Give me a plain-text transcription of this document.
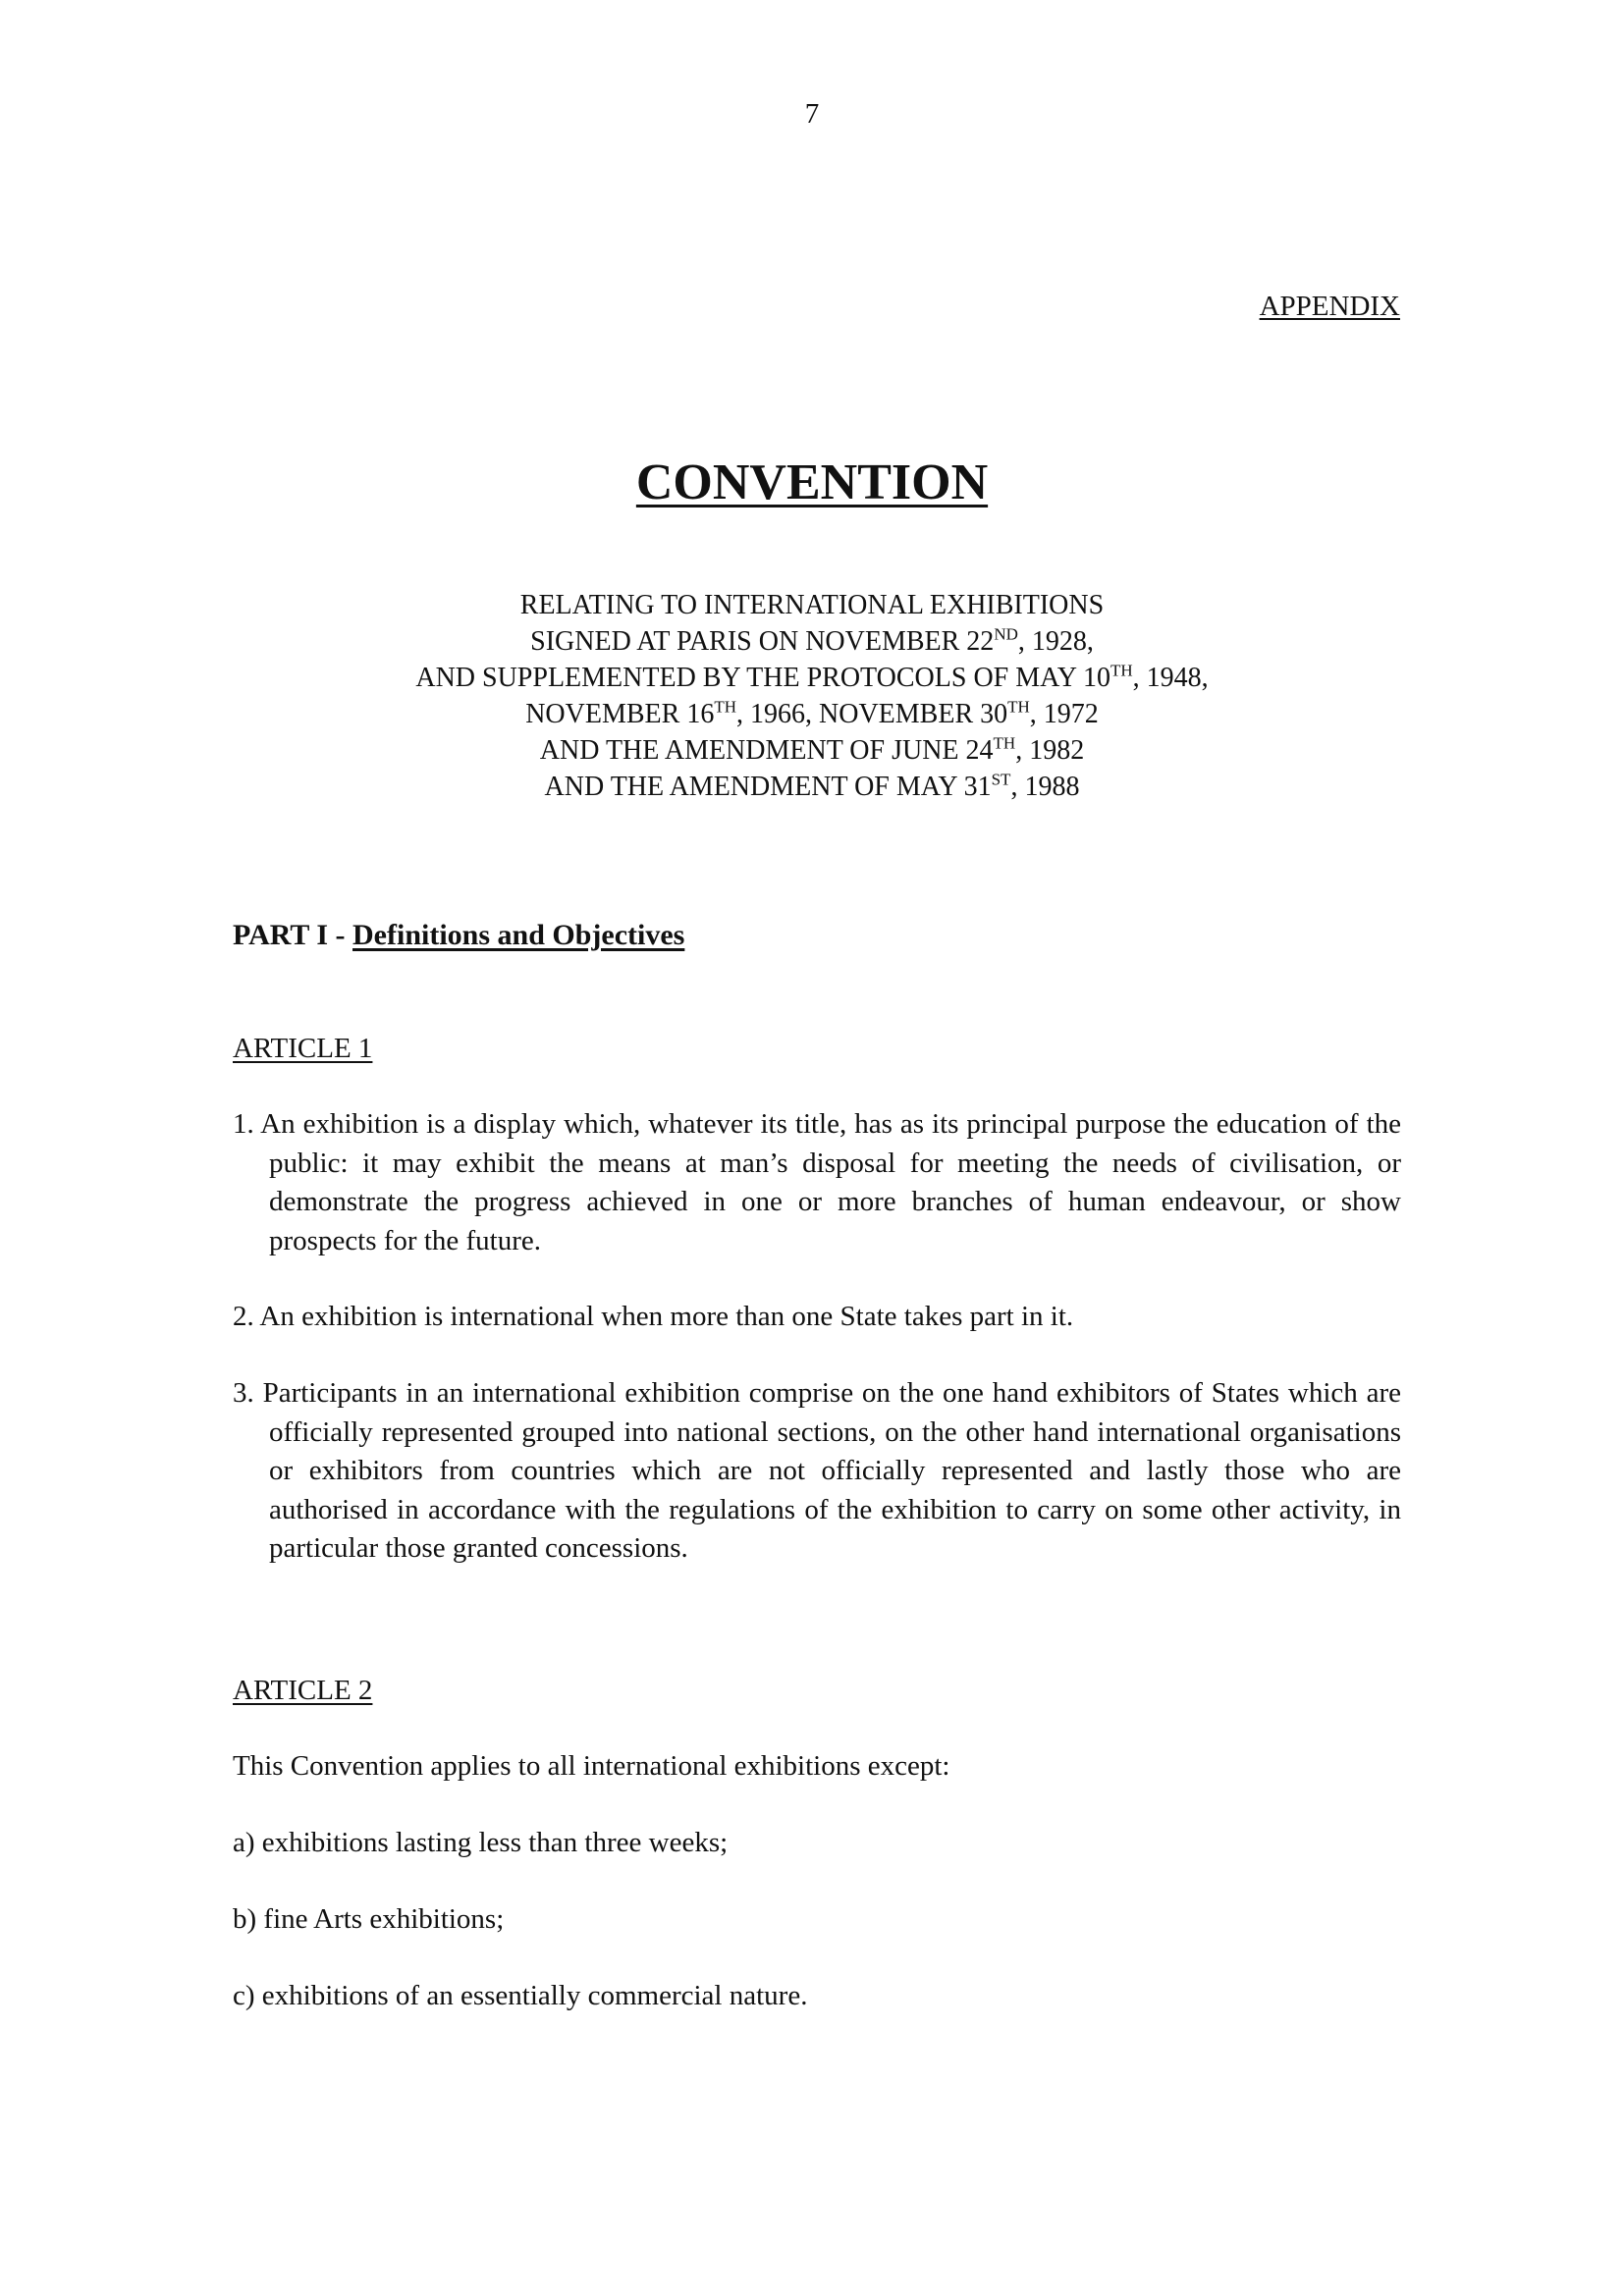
7
APPENDIX
CONVENTION
RELATING TO INTERNATIONAL EXHIBITIONS
SIGNED AT PARIS ON NOVEMBER 22ND, 1928,
AND SUPPLEMENTED BY THE PROTOCOLS OF MAY 10TH, 1948,
NOVEMBER 16TH, 1966, NOVEMBER 30TH, 1972
AND THE AMENDMENT OF JUNE 24TH, 1982
AND THE AMENDMENT OF MAY 31ST, 1988
PART I - Definitions and Objectives
ARTICLE 1
1. An exhibition is a display which, whatever its title, has as its principal purpose the education of the public: it may exhibit the means at man’s disposal for meeting the needs of civilisation, or demonstrate the progress achieved in one or more branches of human endeavour, or show prospects for the future.
2. An exhibition is international when more than one State takes part in it.
3. Participants in an international exhibition comprise on the one hand exhibitors of States which are officially represented grouped into national sections, on the other hand international organisations or exhibitors from countries which are not officially represented and lastly those who are authorised in accordance with the regulations of the exhibition to carry on some other activity, in particular those granted concessions.
ARTICLE 2
This Convention applies to all international exhibitions except:
a) exhibitions lasting less than three weeks;
b) fine Arts exhibitions;
c) exhibitions of an essentially commercial nature.
